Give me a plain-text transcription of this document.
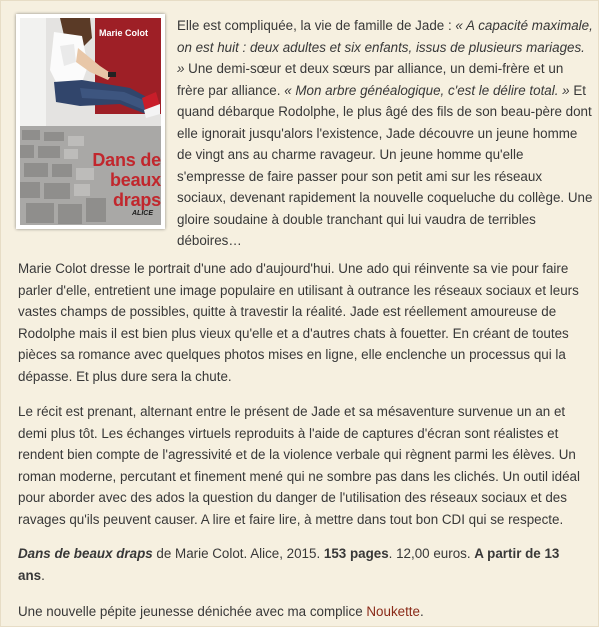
Marie Colot
Dans de
beaux draps
ALICE

Elle est compliquée, la vie de famille de Jade : « A capacité maximale, on est huit : deux adultes et six enfants, issus de plusieurs mariages. » Une demi-sœur et deux sœurs par alliance, un demi-frère et un frère par alliance. « Mon arbre généalogique, c'est le délire total. » Et quand débarque Rodolphe, le plus âgé des fils de son beau-père dont elle ignorait jusqu'alors l'existence, Jade découvre un jeune homme de vingt ans au charme ravageur. Un jeune homme qu'elle s'empresse de faire passer pour son petit ami sur les réseaux sociaux, devenant rapidement la nouvelle coqueluche du collège. Une gloire soudaine à double tranchant qui lui vaudra de terribles déboires…

Marie Colot dresse le portrait d'une ado d'aujourd'hui. Une ado qui réinvente sa vie pour faire parler d'elle, entretient une image populaire en utilisant à outrance les réseaux sociaux et leurs vastes champs de possibles, quitte à travestir la réalité. Jade est réellement amoureuse de Rodolphe mais il est bien plus vieux qu'elle et a d'autres chats à fouetter. En créant de toutes pièces sa romance avec quelques photos mises en ligne, elle enclenche un processus qui la dépasse. Et plus dure sera la chute.

Le récit est prenant, alternant entre le présent de Jade et sa mésaventure survenue un an et demi plus tôt. Les échanges virtuels reproduits à l'aide de captures d'écran sont réalistes et rendent bien compte de l'agressivité et de la violence verbale qui règnent parmi les élèves. Un roman moderne, percutant et finement mené qui ne sombre pas dans les clichés. Un outil idéal pour aborder avec des ados la question du danger de l'utilisation des réseaux sociaux et des ravages qu'ils peuvent causer. A lire et faire lire, à mettre dans tout bon CDI qui se respecte.

Dans de beaux draps de Marie Colot. Alice, 2015. 153 pages. 12,00 euros. A partir de 13 ans.

Une nouvelle pépite jeunesse dénichée avec ma complice Noukette.
